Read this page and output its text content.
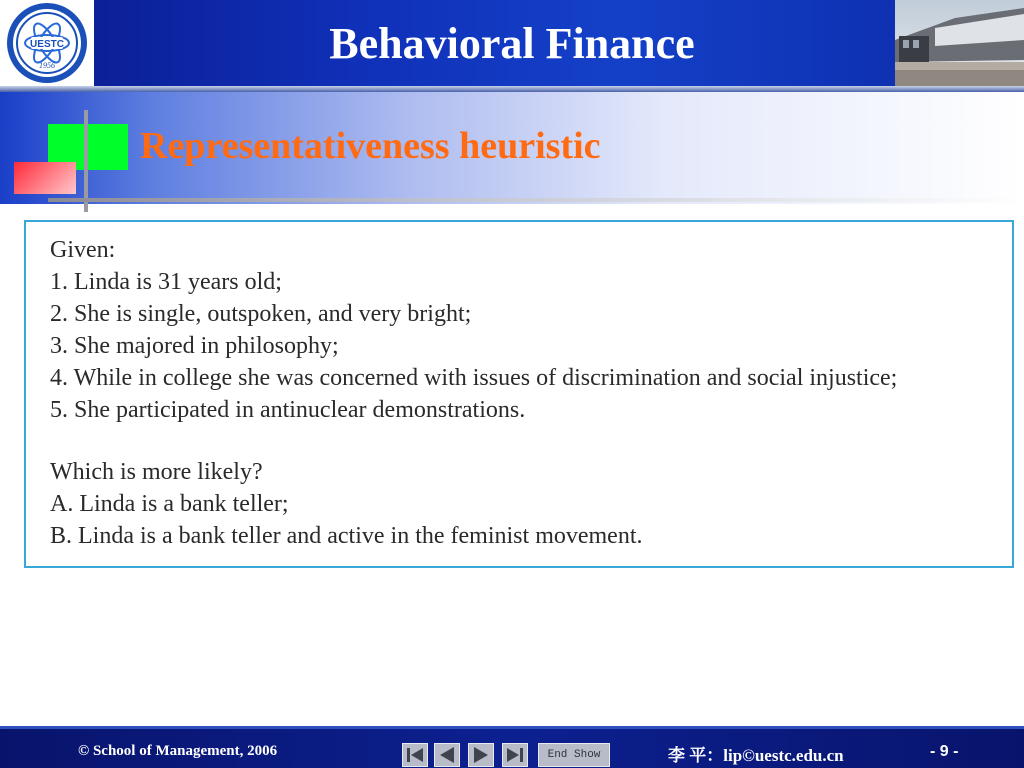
UESTC
1956	Behavioral Finance
Representativeness heuristic
Given:
1. Linda is 31 years old;
2. She is single, outspoken, and very bright;
3. She majored in philosophy;
4. While in college she was concerned with issues of discrimination and social injustice;
5. She participated in antinuclear demonstrations.
Which is more likely?
A. Linda is a bank teller;
B. Linda is a bank teller and active in the feminist movement.
© School of Management, 2006	End Show	李 平：lip©uestc.edu.cn	- 9 -
